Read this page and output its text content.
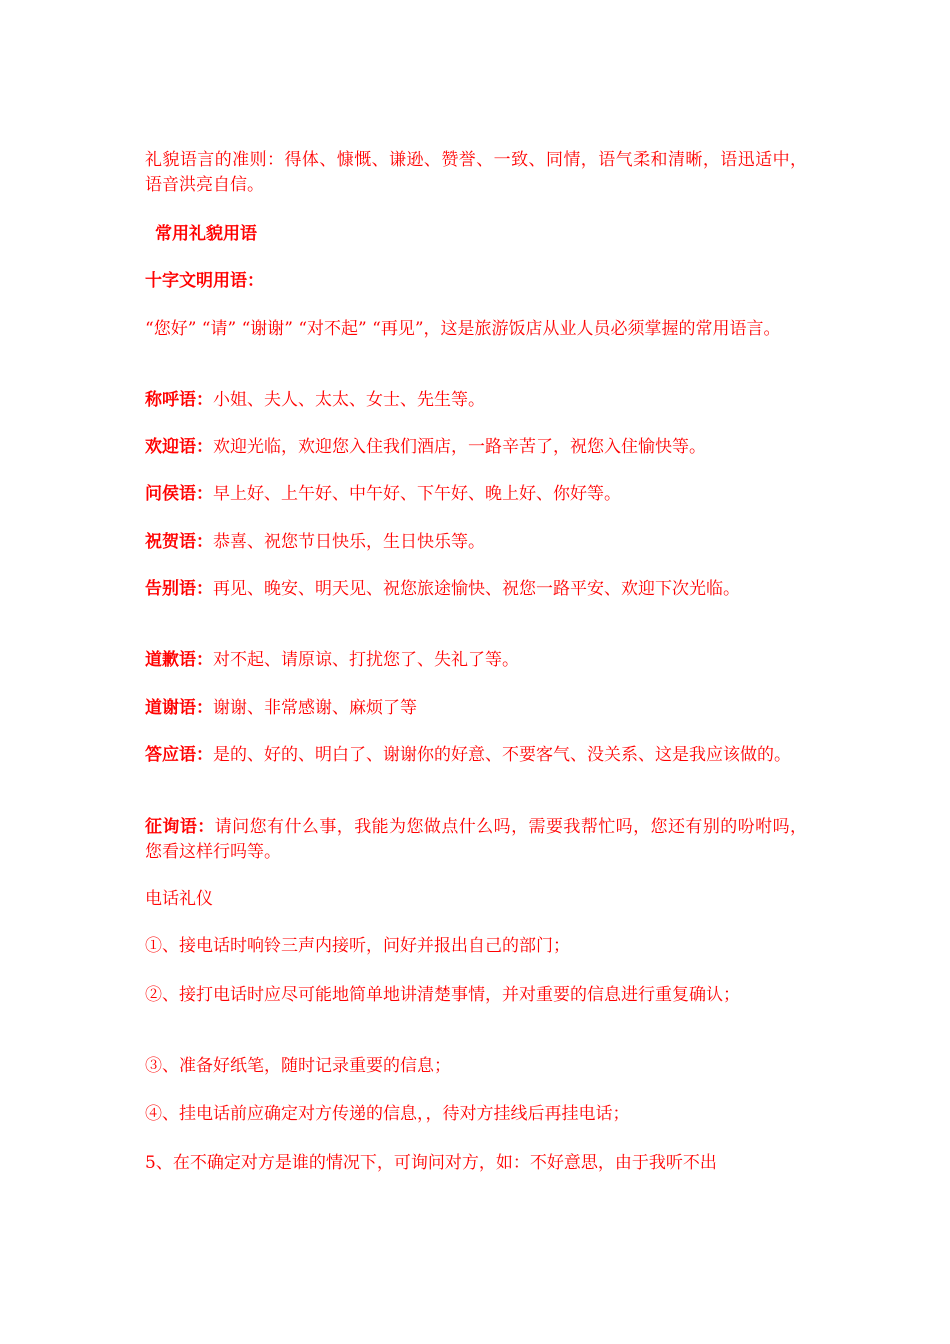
礼貌语言的准则：得体、慷慨、谦逊、赞誉、一致、同情，语气柔和清晰，语迅适中，语音洪亮自信。

常用礼貌用语

十字文明用语：

“您好” “请” “谢谢” “对不起” “再见”，这是旅游饭店从业人员必须掌握的常用语言。

称呼语：小姐、夫人、太太、女士、先生等。

欢迎语：欢迎光临，欢迎您入住我们酒店，一路辛苦了，祝您入住愉快等。

问侯语：早上好、上午好、中午好、下午好、晚上好、你好等。

祝贺语：恭喜、祝您节日快乐，生日快乐等。

告别语：再见、晚安、明天见、祝您旅途愉快、祝您一路平安、欢迎下次光临。

道歉语：对不起、请原谅、打扰您了、失礼了等。

道谢语：谢谢、非常感谢、麻烦了等

答应语：是的、好的、明白了、谢谢你的好意、不要客气、没关系、这是我应该做的。

征询语：请问您有什么事，我能为您做点什么吗，需要我帮忙吗，您还有别的吩咐吗，您看这样行吗等。

电话礼仪

①、接电话时响铃三声内接听，问好并报出自己的部门；

②、接打电话时应尽可能地简单地讲清楚事情，并对重要的信息进行重复确认；

③、准备好纸笔，随时记录重要的信息；

④、挂电话前应确定对方传递的信息，，待对方挂线后再挂电话；

5、在不确定对方是谁的情况下，可询问对方，如：不好意思，由于我听不出
